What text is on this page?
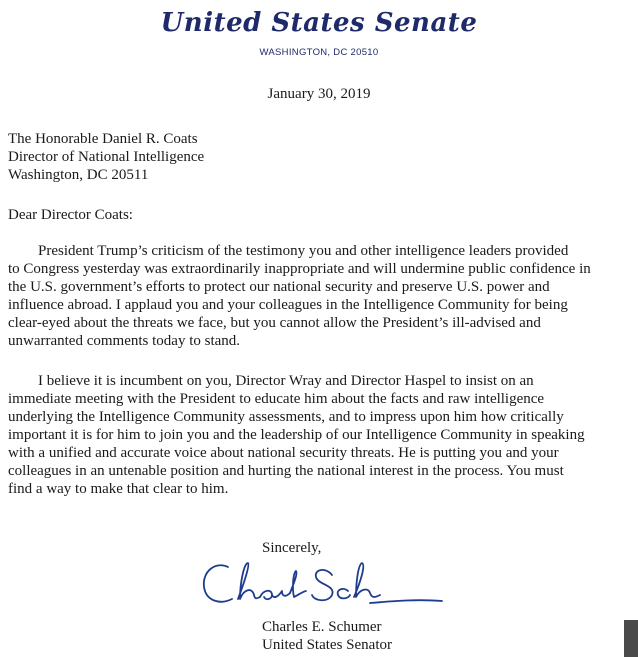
United States Senate
WASHINGTON, DC 20510
January 30, 2019
The Honorable Daniel R. Coats
Director of National Intelligence
Washington, DC 20511
Dear Director Coats:
President Trump’s criticism of the testimony you and other intelligence leaders provided
to Congress yesterday was extraordinarily inappropriate and will undermine public confidence in
the U.S. government’s efforts to protect our national security and preserve U.S. power and
influence abroad. I applaud you and your colleagues in the Intelligence Community for being
clear-eyed about the threats we face, but you cannot allow the President’s ill-advised and
unwarranted comments today to stand.
I believe it is incumbent on you, Director Wray and Director Haspel to insist on an
immediate meeting with the President to educate him about the facts and raw intelligence
underlying the Intelligence Community assessments, and to impress upon him how critically
important it is for him to join you and the leadership of our Intelligence Community in speaking
with a unified and accurate voice about national security threats. He is putting you and your
colleagues in an untenable position and hurting the national interest in the process. You must
find a way to make that clear to him.
Sincerely,
Charles E. Schumer
United States Senator
